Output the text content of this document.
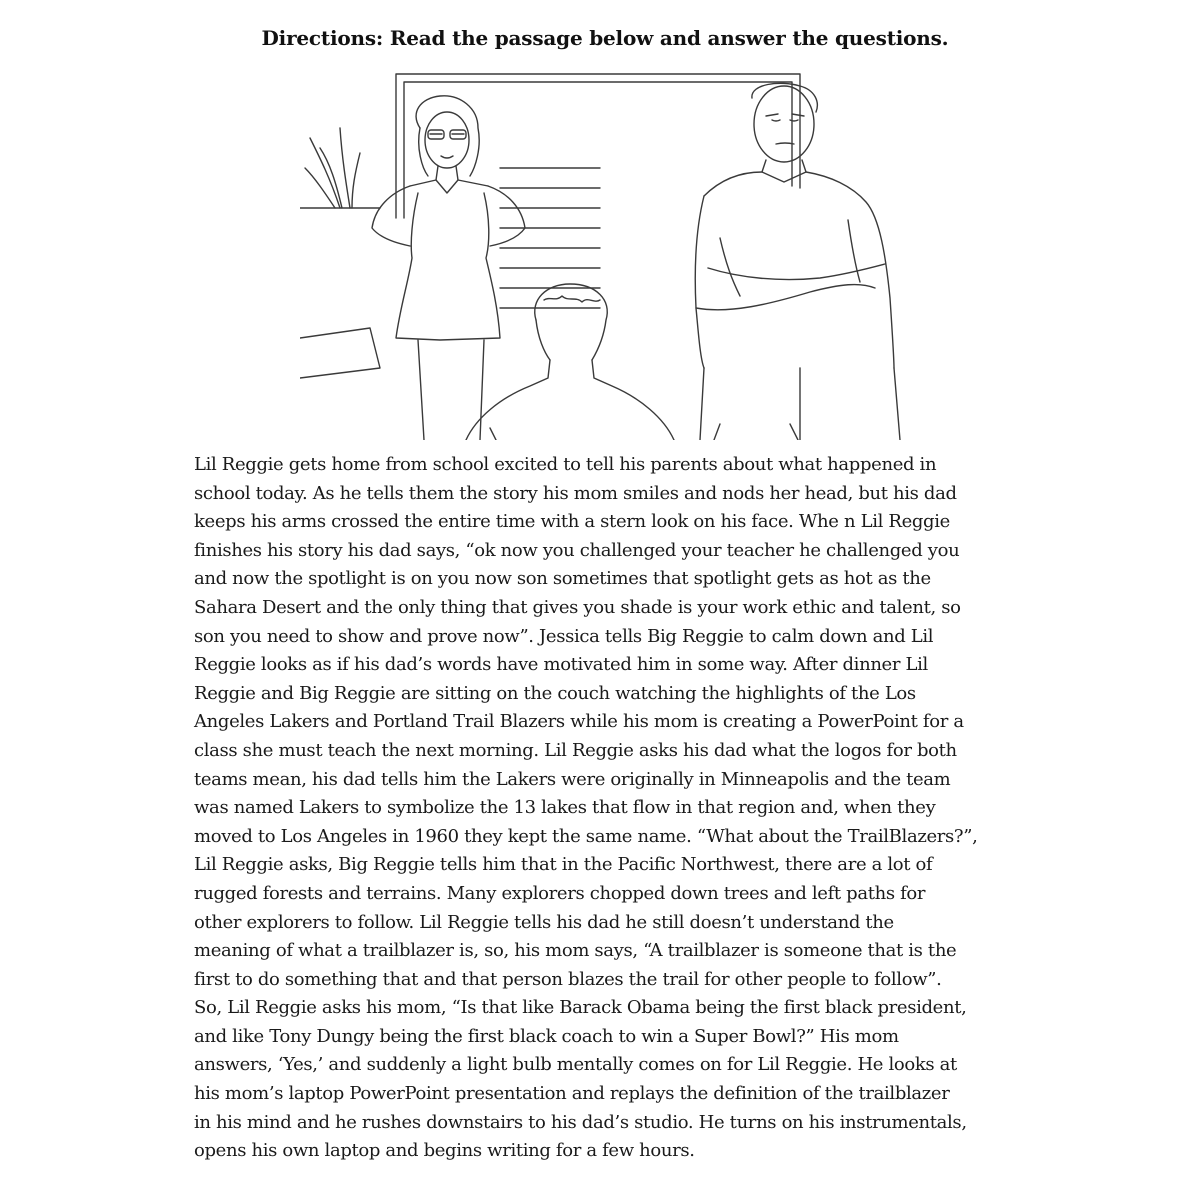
Directions: Read the passage below and answer the questions.
Lil Reggie gets home from school excited to tell his parents about what happened in
school today. As he tells them the story his mom smiles and nods her head, but his dad
keeps his arms crossed the entire time with a stern look on his face. Whe n Lil Reggie
finishes his story his dad says, “ok now you challenged your teacher he challenged you
and now the spotlight is on you now son sometimes that spotlight gets as hot as the
Sahara Desert and the only thing that gives you shade is your work ethic and talent, so
son you need to show and prove now”. Jessica tells Big Reggie to calm down and Lil
Reggie looks as if his dad’s words have motivated him in some way. After dinner Lil
Reggie and Big Reggie are sitting on the couch watching the highlights of the Los
Angeles Lakers and Portland Trail Blazers while his mom is creating a PowerPoint for a
class she must teach the next morning. Lil Reggie asks his dad what the logos for both
teams mean, his dad tells him the Lakers were originally in Minneapolis and the team
was named Lakers to symbolize the 13 lakes that flow in that region and, when they
moved to Los Angeles in 1960 they kept the same name. “What about the TrailBlazers?”,
Lil Reggie asks, Big Reggie tells him that in the Pacific Northwest, there are a lot of
rugged forests and terrains. Many explorers chopped down trees and left paths for
other explorers to follow. Lil Reggie tells his dad he still doesn’t understand the
meaning of what a trailblazer is, so, his mom says, “A trailblazer is someone that is the
first to do something that and that person blazes the trail for other people to follow”.
So, Lil Reggie asks his mom, “Is that like Barack Obama being the first black president,
and like Tony Dungy being the first black coach to win a Super Bowl?” His mom
answers, ‘Yes,’ and suddenly a light bulb mentally comes on for Lil Reggie. He looks at
his mom’s laptop PowerPoint presentation and replays the definition of the trailblazer
in his mind and he rushes downstairs to his dad’s studio. He turns on his instrumentals,
opens his own laptop and begins writing for a few hours.
